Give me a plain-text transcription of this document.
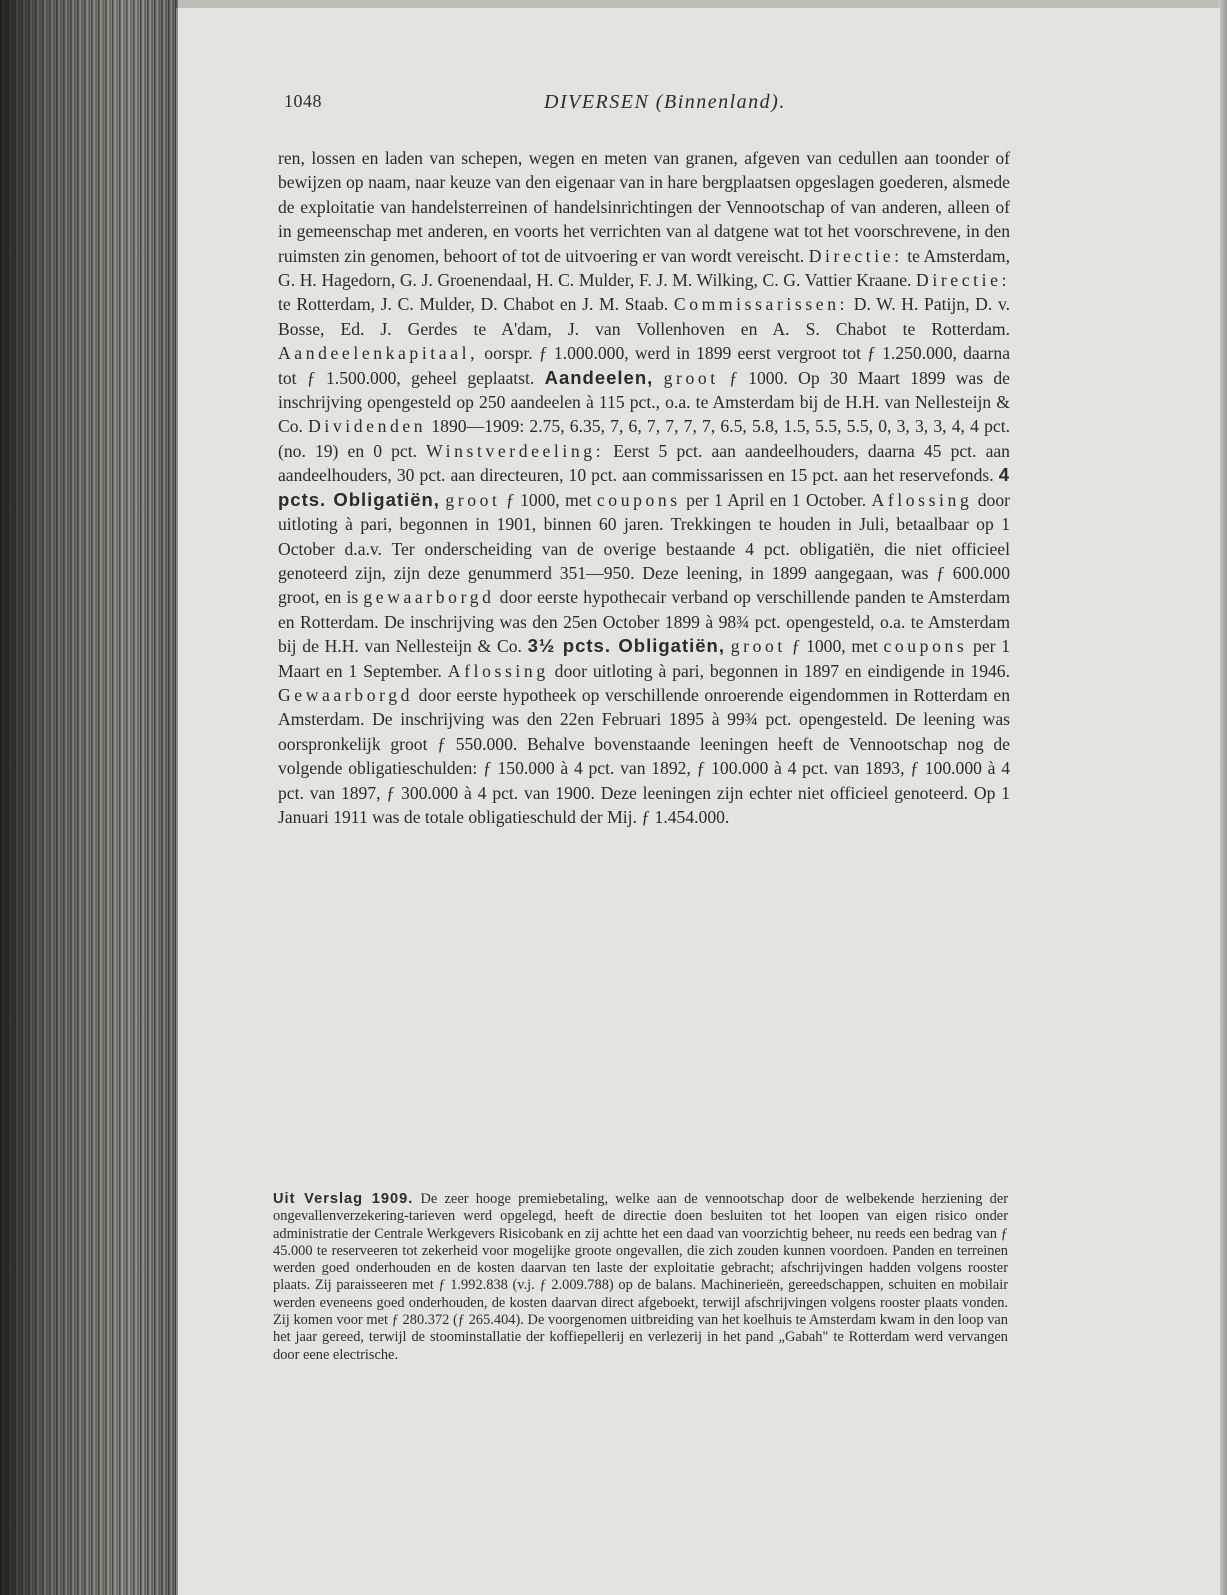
1048	DIVERSEN (Binnenland).

ren, lossen en laden van schepen, wegen en meten van granen, afgeven van cedullen aan toonder of bewijzen op naam, naar keuze van den eigenaar van in hare bergplaatsen opgeslagen goederen, alsmede de exploitatie van handelsterreinen of handelsinrichtingen der Vennootschap of van anderen, alleen of in gemeenschap met anderen, en voorts het verrichten van al datgene wat tot het voorschrevene, in den ruimsten zin genomen, behoort of tot de uitvoering er van wordt vereischt. Directie: te Amsterdam, G. H. Hagedorn, G. J. Groenendaal, H. C. Mulder, F. J. M. Wilking, C. G. Vattier Kraane. Directie: te Rotterdam, J. C. Mulder, D. Chabot en J. M. Staab. Commissarissen: D. W. H. Patijn, D. v. Bosse, Ed. J. Gerdes te A'dam, J. van Vollenhoven en A. S. Chabot te Rotterdam. Aandeelenkapitaal, oorspr. ƒ 1.000.000, werd in 1899 eerst vergroot tot ƒ 1.250.000, daarna tot ƒ 1.500.000, geheel geplaatst. Aandeelen, groot ƒ 1000. Op 30 Maart 1899 was de inschrijving opengesteld op 250 aandeelen à 115 pct., o.a. te Amsterdam bij de H.H. van Nellesteijn & Co. Dividenden 1890—1909: 2.75, 6.35, 7, 6, 7, 7, 7, 7, 6.5, 5.8, 1.5, 5.5, 5.5, 0, 3, 3, 3, 4, 4 pct. (no. 19) en 0 pct. Winstverdeeling: Eerst 5 pct. aan aandeelhouders, daarna 45 pct. aan aandeelhouders, 30 pct. aan directeuren, 10 pct. aan commissarissen en 15 pct. aan het reservefonds. 4 pcts. Obligatiën, groot ƒ 1000, met coupons per 1 April en 1 October. Aflossing door uitloting à pari, begonnen in 1901, binnen 60 jaren. Trekkingen te houden in Juli, betaalbaar op 1 October d.a.v. Ter onderscheiding van de overige bestaande 4 pct. obligatiën, die niet officieel genoteerd zijn, zijn deze genummerd 351—950. Deze leening, in 1899 aangegaan, was ƒ 600.000 groot, en is gewaarborgd door eerste hypothecair verband op verschillende panden te Amsterdam en Rotterdam. De inschrijving was den 25en October 1899 à 98¾ pct. opengesteld, o.a. te Amsterdam bij de H.H. van Nellesteijn & Co. 3½ pcts. Obligatiën, groot ƒ 1000, met coupons per 1 Maart en 1 September. Aflossing door uitloting à pari, begonnen in 1897 en eindigende in 1946. Gewaarborgd door eerste hypotheek op verschillende onroerende eigendommen in Rotterdam en Amsterdam. De inschrijving was den 22en Februari 1895 à 99¾ pct. opengesteld. De leening was oorspronkelijk groot ƒ 550.000. Behalve bovenstaande leeningen heeft de Vennootschap nog de volgende obligatieschulden: ƒ 150.000 à 4 pct. van 1892, ƒ 100.000 à 4 pct. van 1893, ƒ 100.000 à 4 pct. van 1897, ƒ 300.000 à 4 pct. van 1900. Deze leeningen zijn echter niet officieel genoteerd. Op 1 Januari 1911 was de totale obligatieschuld der Mij. ƒ 1.454.000.

Uit Verslag 1909. De zeer hooge premiebetaling, welke aan de vennootschap door de welbekende herziening der ongevallenverzekering-tarieven werd opgelegd, heeft de directie doen besluiten tot het loopen van eigen risico onder administratie der Centrale Werkgevers Risicobank en zij achtte het een daad van voorzichtig beheer, nu reeds een bedrag van ƒ 45.000 te reserveeren tot zekerheid voor mogelijke groote ongevallen, die zich zouden kunnen voordoen. Panden en terreinen werden goed onderhouden en de kosten daarvan ten laste der exploitatie gebracht; afschrijvingen hadden volgens rooster plaats. Zij paraisseeren met ƒ 1.992.838 (v.j. ƒ 2.009.788) op de balans. Machinerieën, gereedschappen, schuiten en mobilair werden eveneens goed onderhouden, de kosten daarvan direct afgeboekt, terwijl afschrijvingen volgens rooster plaats vonden. Zij komen voor met ƒ 280.372 (ƒ 265.404). De voorgenomen uitbreiding van het koelhuis te Amsterdam kwam in den loop van het jaar gereed, terwijl de stoominstallatie der koffiepellerij en verlezerij in het pand „Gabah" te Rotterdam werd vervangen door eene electrische.
